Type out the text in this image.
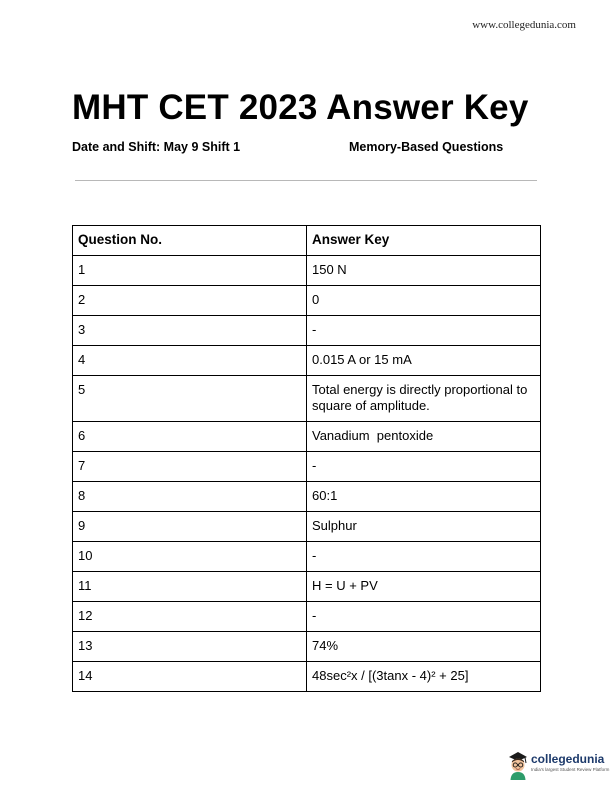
www.collegedunia.com
MHT CET 2023 Answer Key
Date and Shift: May 9 Shift 1	Memory-Based Questions
Question No.	Answer Key
1	150 N
2	0
3	-
4	0.015 A or 15 mA
5	Total energy is directly proportional to square of amplitude.
6	Vanadium  pentoxide
7	-
8	60:1
9	Sulphur
10	-
11	H = U + PV
12	-
13	74%
14	48sec²x / [(3tanx - 4)² + 25]
collegedunia
India's largest Student Review Platform
